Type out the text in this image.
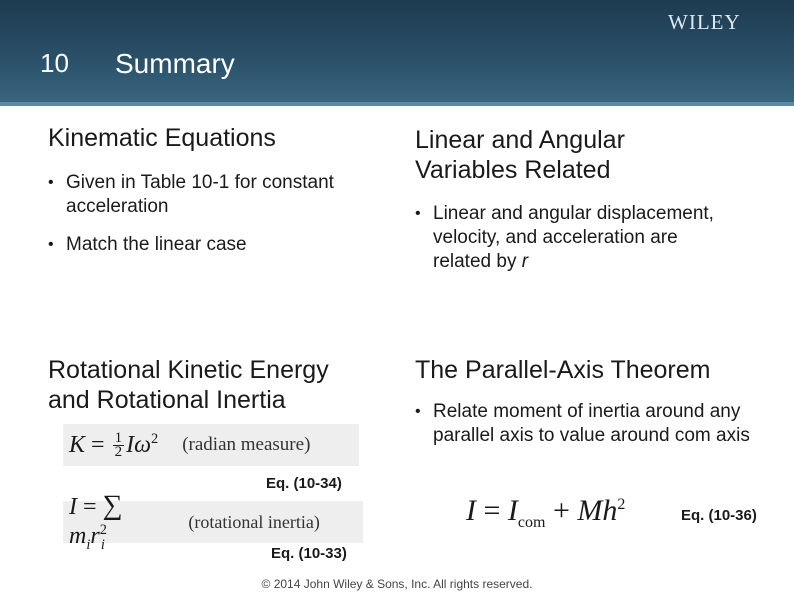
10 Summary
WILEY
Kinematic Equations
• Given in Table 10-1 for constant acceleration
• Match the linear case
Linear and Angular
Variables Related
• Linear and angular displacement, velocity, and acceleration are related by r
Rotational Kinetic Energy
and Rotational Inertia
$K = \frac{1}{2} I\omega^2$ (radian measure)
Eq. (10-34)
I = ∑ $m_ir^2_i$
(rotational inertia)
Eq. (10-33)
The Parallel-Axis Theorem
• Relate moment of inertia around any parallel axis to value around com axis
$I = I_{com} + Mh^2$
Eq. (10-36)
© 2014 John Wiley & Sons, Inc. All rights reserved.
